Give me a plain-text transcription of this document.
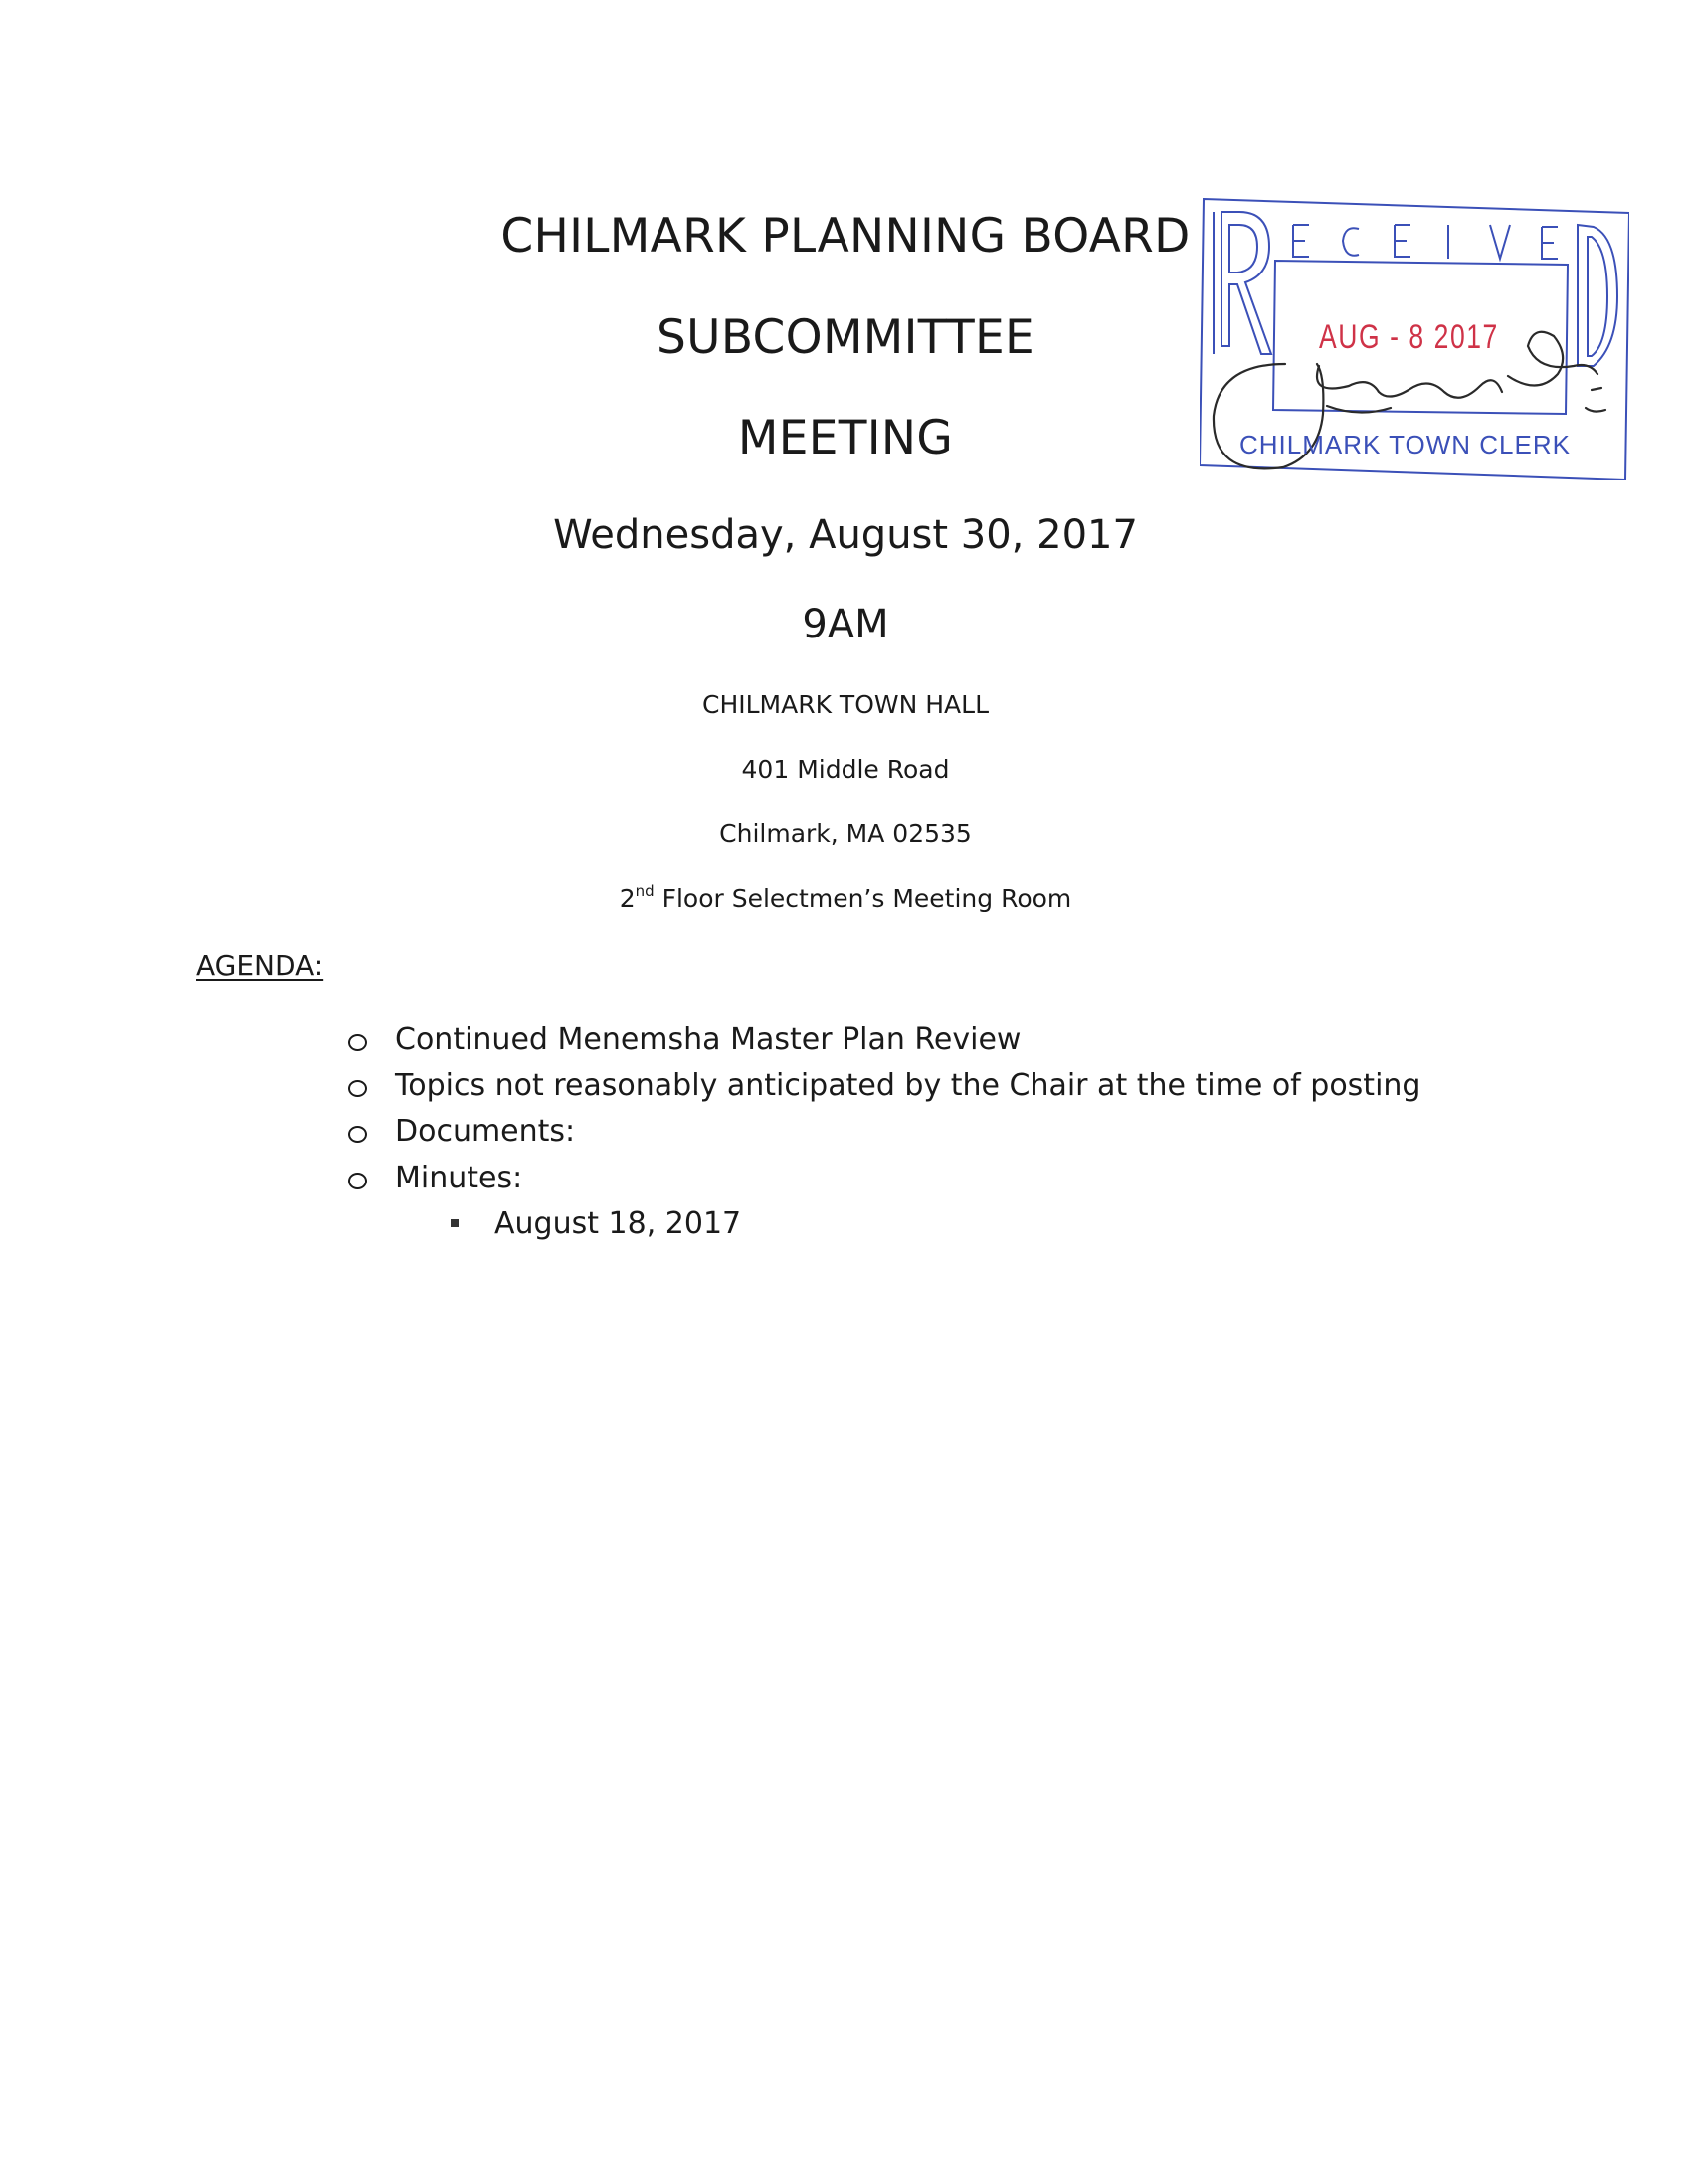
CHILMARK PLANNING BOARD
SUBCOMMITTEE
MEETING
Wednesday, August 30, 2017
9AM
CHILMARK TOWN HALL
401 Middle Road
Chilmark, MA 02535
2nd Floor Selectmen’s Meeting Room
AGENDA:
Continued Menemsha Master Plan Review
Topics not reasonably anticipated by the Chair at the time of posting
Documents:
Minutes:
August 18, 2017
AUG - 8 2017
CHILMARK TOWN CLERK
